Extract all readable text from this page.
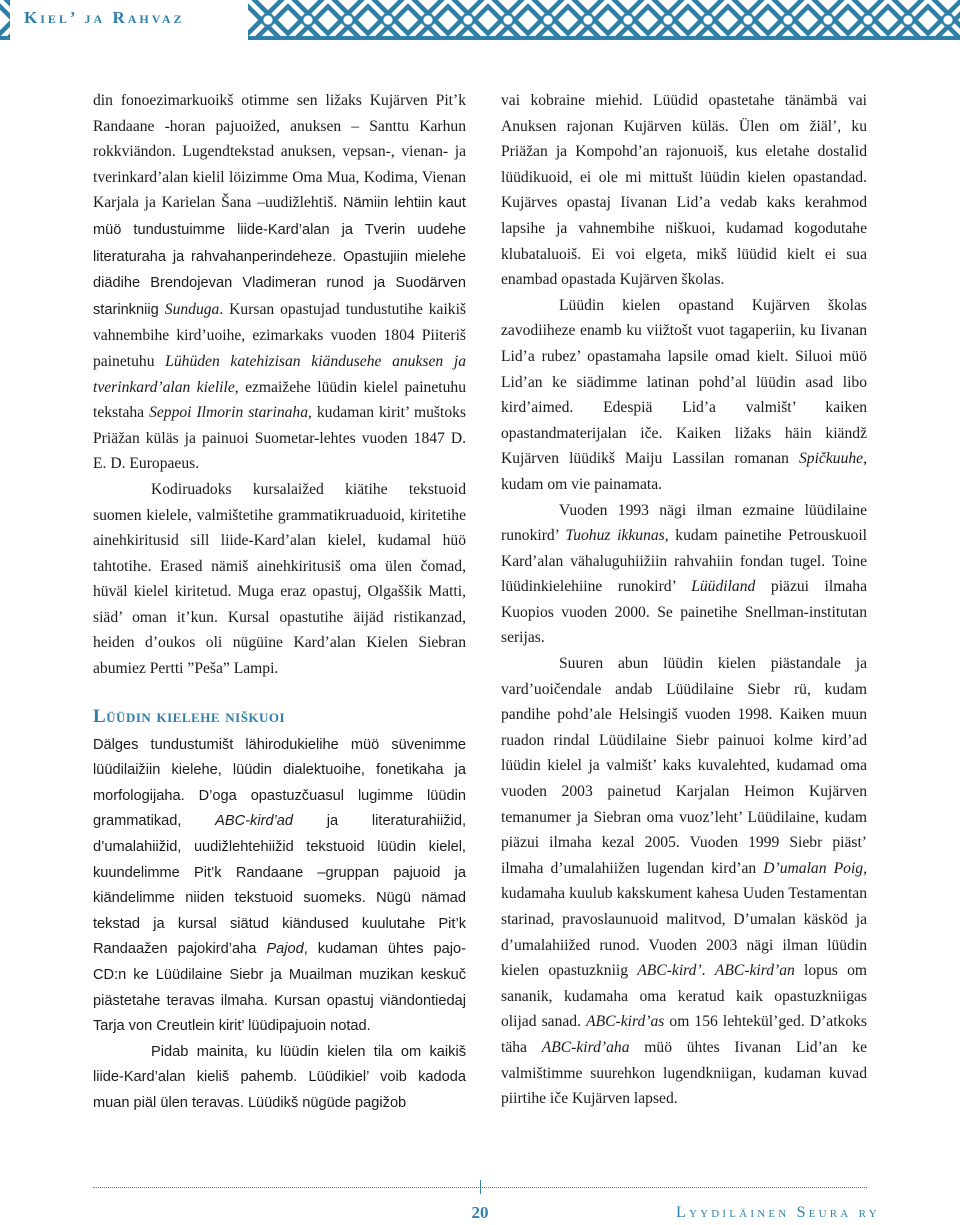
Kiel’ ja Rahvaz

din fonoezimarkuoikš otimme sen ližaks Kujärven Pit’k Randaane -horan pajuoižed, anuksen – Santtu Karhun rokkviändon. Lugendtekstad anuksen, vepsan-, vienan- ja tverinkard’alan kielil löizimme Oma Mua, Kodima, Vienan Karjala ja Karielan Šana –uudižlehtiš. Nämiin lehtiin kaut müö tundustuimme liide-Kard’alan ja Tverin uudehe literaturaha ja rahvahanperindeheze. Opastujiin mielehe diädihe Brendojevan Vladimeran runod ja Suodärven starinkniig Sunduga. Kursan opastujad tundustutihe kaikiš vahnembihe kird’uoihe, ezimarkaks vuoden 1804 Piiteriš painetuhu Lühüden katehizisan kiändusehe anuksen ja tverinkard’alan kielile, ezmaižehe lüüdin kielel painetuhu tekstaha Seppoi Ilmorin starinaha, kudaman kirit’ muštoks Priäžan küläs ja painuoi Suometar-lehtes vuoden 1847 D. E. D. Europaeus.

Kodiruadoks kursalaižed kiätihe tekstuoid suomen kielele, valmištetihe grammatikruaduoid, kiritetihe ainehkiritusid sill liide-Kard’alan kielel, kudamal hüö tahtotihe. Erased nämiš ainehkiritusiš oma ülen čomad, hüväl kielel kiritetud. Muga eraz opastuj, Olgaššik Matti, siäd’ oman it’kun. Kursal opastutihe äijäd ristikanzad, heiden d’oukos oli nügüine Kard’alan Kielen Siebran abumiez Pertti ”Peša” Lampi.

Lüüdin kielehe niškuoi

Dälges tundustumišt lähirodukielihe müö süvenimme lüüdilaižiin kielehe, lüüdin dialektuoihe, fonetikaha ja morfologijaha. D’oga opastuzčuasul lugimme lüüdin grammatikad, ABC-kird’ad ja literaturahiižid, d’umalahiižid, uudižlehtehiižid tekstuoid lüüdin kielel, kuundelimme Pit’k Randaane –gruppan pajuoid ja kiändelimme niiden tekstuoid suomeks. Nügü nämad tekstad ja kursal siätud kiändused kuulutahe Pit’k Randaažen pajokird’aha Pajod, kudaman ühtes pajo-CD:n ke Lüüdilaine Siebr ja Muailman muzikan keskuč piästetahe teravas ilmaha. Kursan opastuj viändontiedaj Tarja von Creutlein kirit’ lüüdipajuoin notad.

Pidab mainita, ku lüüdin kielen tila om kaikiš liide-Kard’alan kieliš pahemb. Lüüdikiel’ voib kadoda muan piäl ülen teravas. Lüüdikš nügüde pagižob

vai kobraine miehid. Lüüdid opastetahe tänämbä vai Anuksen rajonan Kujärven küläs. Ülen om žiäl’, ku Priäžan ja Kompohd’an rajonuoiš, kus eletahe dostalid lüüdikuoid, ei ole mi mittušt lüüdin kielen opastandad. Kujärves opastaj Iivanan Lid’a vedab kaks kerahmod lapsihe ja vahnembihe niškuoi, kudamad kogodutahe klubataluoiš. Ei voi elgeta, mikš lüüdid kielt ei sua enambad opastada Kujärven školas.

Lüüdin kielen opastand Kujärven školas zavodiiheze enamb ku viižtošt vuot tagaperiin, ku Iivanan Lid’a rubez’ opastamaha lapsile omad kielt. Siluoi müö Lid’an ke siädimme latinan pohd’al lüüdin asad libo kird’aimed. Edespiä Lid’a valmišt’ kaiken opastandmaterijalan iče. Kaiken ližaks häin kiändž Kujärven lüüdikš Maiju Lassilan romanan Spičkuuhe, kudam om vie painamata.

Vuoden 1993 nägi ilman ezmaine lüüdilaine runokird’ Tuohuz ikkunas, kudam painetihe Petrouskuoil Kard’alan vähaluguhiižiin rahvahiin fondan tugel. Toine lüüdinkielehiine runokird’ Lüüdiland piäzui ilmaha Kuopios vuoden 2000. Se painetihe Snellman-institutan serijas.

Suuren abun lüüdin kielen piästandale ja vard’uoičendale andab Lüüdilaine Siebr rü, kudam pandihe pohd’ale Helsingiš vuoden 1998. Kaiken muun ruadon rindal Lüüdilaine Siebr painuoi kolme kird’ad lüüdin kielel ja valmišt’ kaks kuvalehted, kudamad oma vuoden 2003 painetud Karjalan Heimon Kujärven temanumer ja Siebran oma vuoz’leht’ Lüüdilaine, kudam piäzui ilmaha kezal 2005. Vuoden 1999 Siebr piäst’ ilmaha d’umalahiižen lugendan kird’an D’umalan Poig, kudamaha kuulub kakskument kahesa Uuden Testamentan starinad, pravoslaunuoid malitvod, D’umalan käsköd ja d’umalahiižed runod. Vuoden 2003 nägi ilman lüüdin kielen opastuzkniig ABC-kird’. ABC-kird’an lopus om sananik, kudamaha oma keratud kaik opastuzkniigas olijad sanad. ABC-kird’as om 156 lehtekül’ged. D’atkoks täha ABC-kird’aha müö ühtes Iivanan Lid’an ke valmištimme suurehkon lugendkniigan, kudaman kuvad piirtihe iče Kujärven lapsed.

20	Lyydiläinen Seura ry
